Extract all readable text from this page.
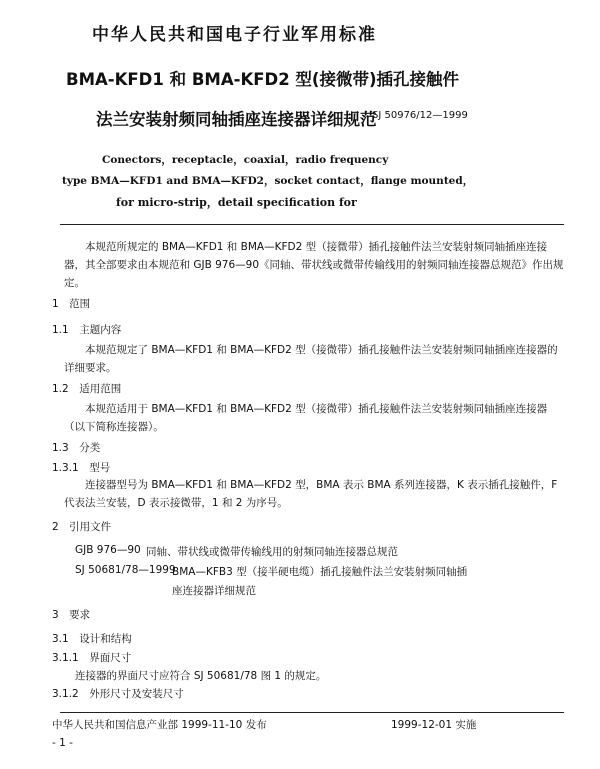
中华人民共和国电子行业军用标准
BMA-KFD1 和 BMA-KFD2 型(接微带)插孔接触件
法兰安装射频同轴插座连接器详细规范
SJ 50976/12—1999
Conectors，receptacle，coaxial，radio frequency
type BMA—KFD1 and BMA—KFD2，socket contact，flange mounted，
for micro-strip，detail specification for
本规范所规定的 BMA—KFD1 和 BMA—KFD2 型（接微带）插孔接触件法兰安装射频同轴插座连接器，其全部要求由本规范和 GJB 976—90《同轴、带状线或微带传输线用的射频同轴连接器总规范》作出规定。
1　范围
1.1　主题内容
本规范规定了 BMA—KFD1 和 BMA—KFD2 型（接微带）插孔接触件法兰安装射频同轴插座连接器的详细要求。
1.2　适用范围
本规范适用于 BMA—KFD1 和 BMA—KFD2 型（接微带）插孔接触件法兰安装射频同轴插座连接器（以下简称连接器）。
1.3　分类
1.3.1　型号
连接器型号为 BMA—KFD1 和 BMA—KFD2 型，BMA 表示 BMA 系列连接器，K 表示插孔接触件，F 代表法兰安装，D 表示接微带，1 和 2 为序号。
2　引用文件
GJB 976—90 同轴、带状线或微带传输线用的射频同轴连接器总规范
SJ 50681/78—1999
BMA—KFB3 型（接半硬电缆）插孔接触件法兰安装射频同轴插
座连接器详细规范
3　要求
3.1　设计和结构
3.1.1　界面尺寸
连接器的界面尺寸应符合 SJ 50681/78 图 1 的规定。
3.1.2　外形尺寸及安装尺寸
中华人民共和国信息产业部 1999-11-10 发布	1999-12-01 实施
- 1 -
